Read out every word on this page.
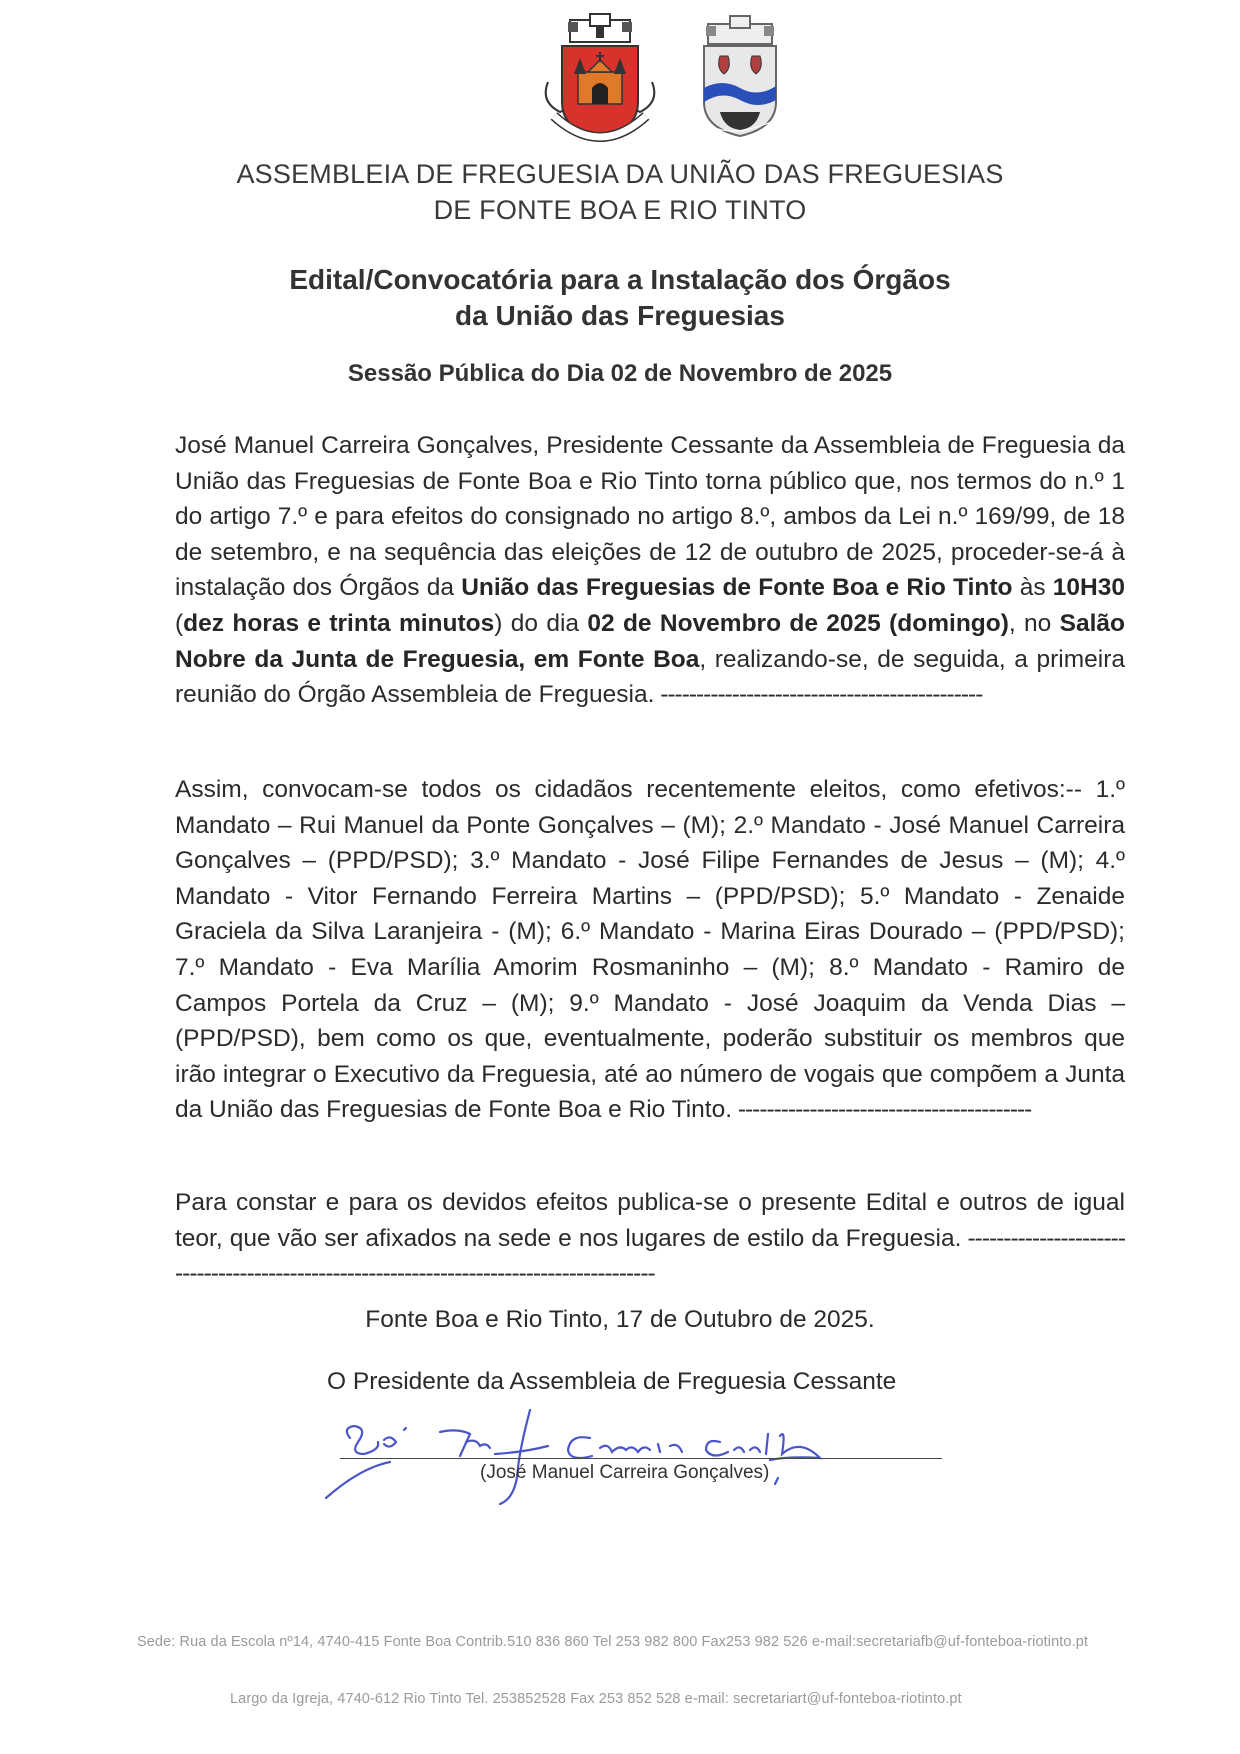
ASSEMBLEIA DE FREGUESIA DA UNIÃO DAS FREGUESIAS
DE FONTE BOA E RIO TINTO
Edital/Convocatória para a Instalação dos Órgãos
da União das Freguesias
Sessão Pública do Dia 02 de Novembro de 2025
José Manuel Carreira Gonçalves, Presidente Cessante da Assembleia de Freguesia da União das Freguesias de Fonte Boa e Rio Tinto torna público que, nos termos do n.º 1 do artigo 7.º e para efeitos do consignado no artigo 8.º, ambos da Lei n.º 169/99, de 18 de setembro, e na sequência das eleições de 12 de outubro de 2025, proceder-se-á à instalação dos Órgãos da União das Freguesias de Fonte Boa e Rio Tinto às 10H30 (dez horas e trinta minutos) do dia 02 de Novembro de 2025 (domingo), no Salão Nobre da Junta de Freguesia, em Fonte Boa, realizando-se, de seguida, a primeira reunião do Órgão Assembleia de Freguesia. ---------------------------------------------
Assim, convocam-se todos os cidadãos recentemente eleitos, como efetivos:-- 1.º Mandato – Rui Manuel da Ponte Gonçalves – (M); 2.º Mandato - José Manuel Carreira Gonçalves – (PPD/PSD); 3.º Mandato - José Filipe Fernandes de Jesus – (M); 4.º Mandato - Vitor Fernando Ferreira Martins – (PPD/PSD); 5.º Mandato - Zenaide Graciela da Silva Laranjeira - (M); 6.º Mandato - Marina Eiras Dourado – (PPD/PSD); 7.º Mandato - Eva Marília Amorim Rosmaninho – (M); 8.º Mandato - Ramiro de Campos Portela da Cruz – (M); 9.º Mandato - José Joaquim da Venda Dias – (PPD/PSD), bem como os que, eventualmente, poderão substituir os membros que irão integrar o Executivo da Freguesia, até ao número de vogais que compõem a Junta da União das Freguesias de Fonte Boa e Rio Tinto. -----------------------------------------
Para constar e para os devidos efeitos publica-se o presente Edital e outros de igual teor, que vão ser afixados na sede e nos lugares de estilo da Freguesia. -----------------------------------------------------------------------------------------
Fonte Boa e Rio Tinto, 17 de Outubro de 2025.
O Presidente da Assembleia de Freguesia Cessante
(José Manuel Carreira Gonçalves)
Sede: Rua da Escola nº14, 4740-415 Fonte Boa Contrib.510 836 860 Tel 253 982 800 Fax253 982 526 e-mail:secretariafb@uf-fonteboa-riotinto.pt
Largo da Igreja, 4740-612 Rio Tinto Tel. 253852528 Fax 253 852 528 e-mail: secretariart@uf-fonteboa-riotinto.pt
